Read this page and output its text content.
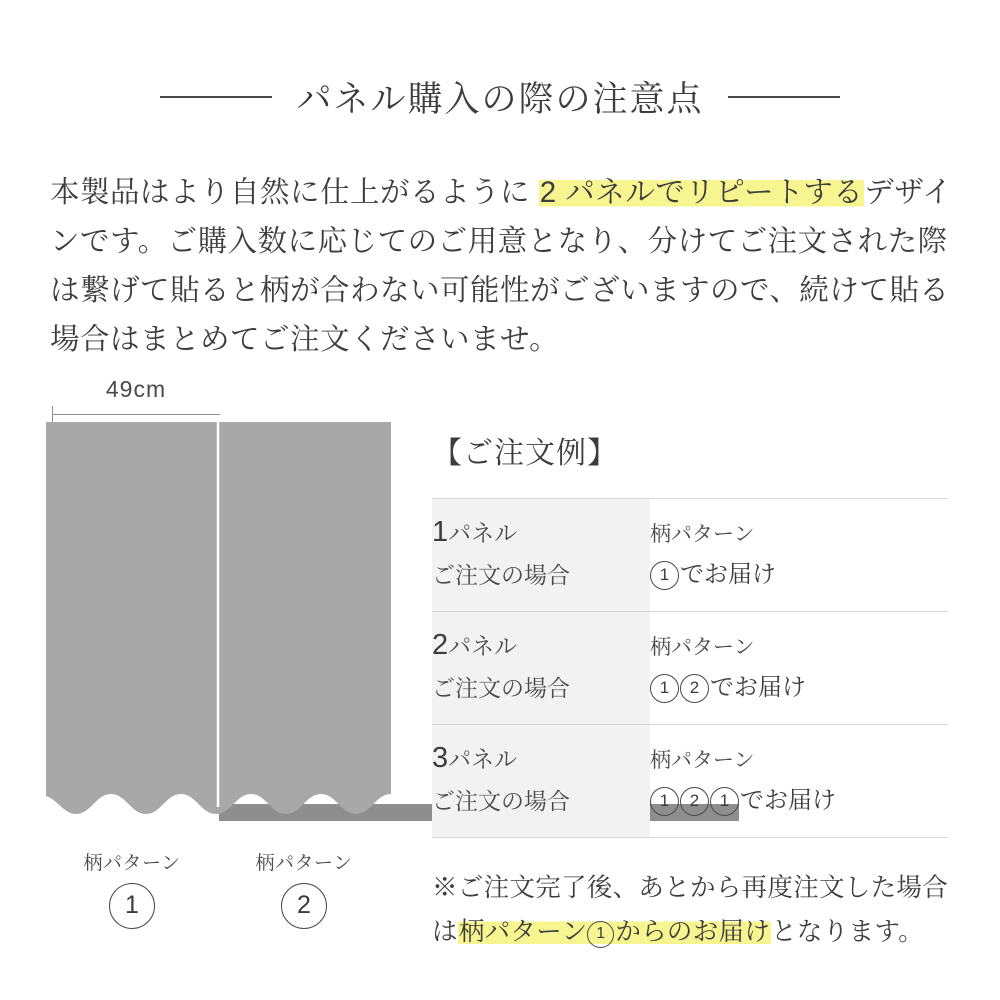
パネル購入の際の注意点
本製品はより自然に仕上がるように 2 パネルでリピートするデザインです。ご購入数に応じてのご用意となり、分けてご注文された際は繋げて貼ると柄が合わない可能性がございますので、続けて貼る場合はまとめてご注文くださいませ。
49cm
柄パターン
1
柄パターン
2
【ご注文例】
1パネル
ご注文の場合	柄パターン
1 でお届け

2パネル
ご注文の場合	柄パターン
1 2 でお届け

3パネル
ご注文の場合	柄パターン
1 2 1 でお届け
※ご注文完了後、あとから再度注文した場合は柄パターン 1 からのお届けとなります。
